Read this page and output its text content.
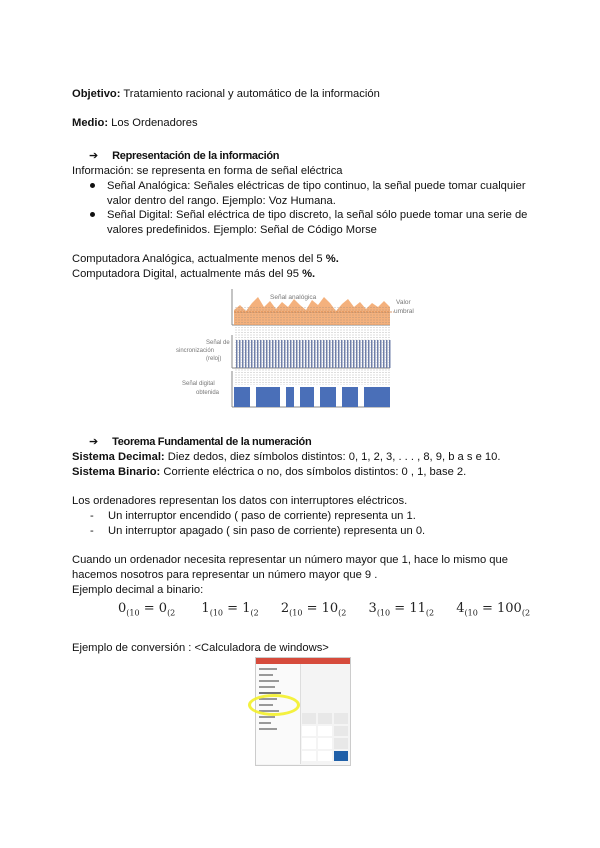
Objetivo: Tratamiento racional y automático de la información
Medio: Los Ordenadores
➔ Representación de la información
Información: se representa en forma de señal eléctrica
Señal Analógica: Señales eléctricas de tipo continuo, la señal puede tomar cualquier
valor dentro del rango. Ejemplo: Voz Humana.
Señal Digital: Señal eléctrica de tipo discreto, la señal sólo puede tomar una serie de
valores predefinidos. Ejemplo: Señal de Código Morse
Computadora Analógica, actualmente menos del 5 %.
Computadora Digital, actualmente más del 95 %.
Señal analógica
Valor
umbral
Señal de
sincronización
(reloj)
Señal digital
obtenida
➔ Teorema Fundamental de la numeración
Sistema Decimal: Diez dedos, diez símbolos distintos: 0, 1, 2, 3, . . . , 8, 9, b a s e 10.
Sistema Binario: Corriente eléctrica o no, dos símbolos distintos: 0 , 1, base 2.
Los ordenadores representan los datos con interruptores eléctricos.
- Un interruptor encendido ( paso de corriente) representa un 1.
- Un interruptor apagado ( sin paso de corriente) representa un 0.
Cuando un ordenador necesita representar un número mayor que 1, hace lo mismo que
hacemos nosotros para representar un número mayor que 9 .
Ejemplo decimal a binario:
$0_{(10} = 0_{(2}$ $1_{(10} = 1_{(2}$ $2_{(10} = 10_{(2}$ $3_{(10} = 11_{(2}$ $4_{(10} = 100_{(2}$
Ejemplo de conversión : <Calculadora de windows>
